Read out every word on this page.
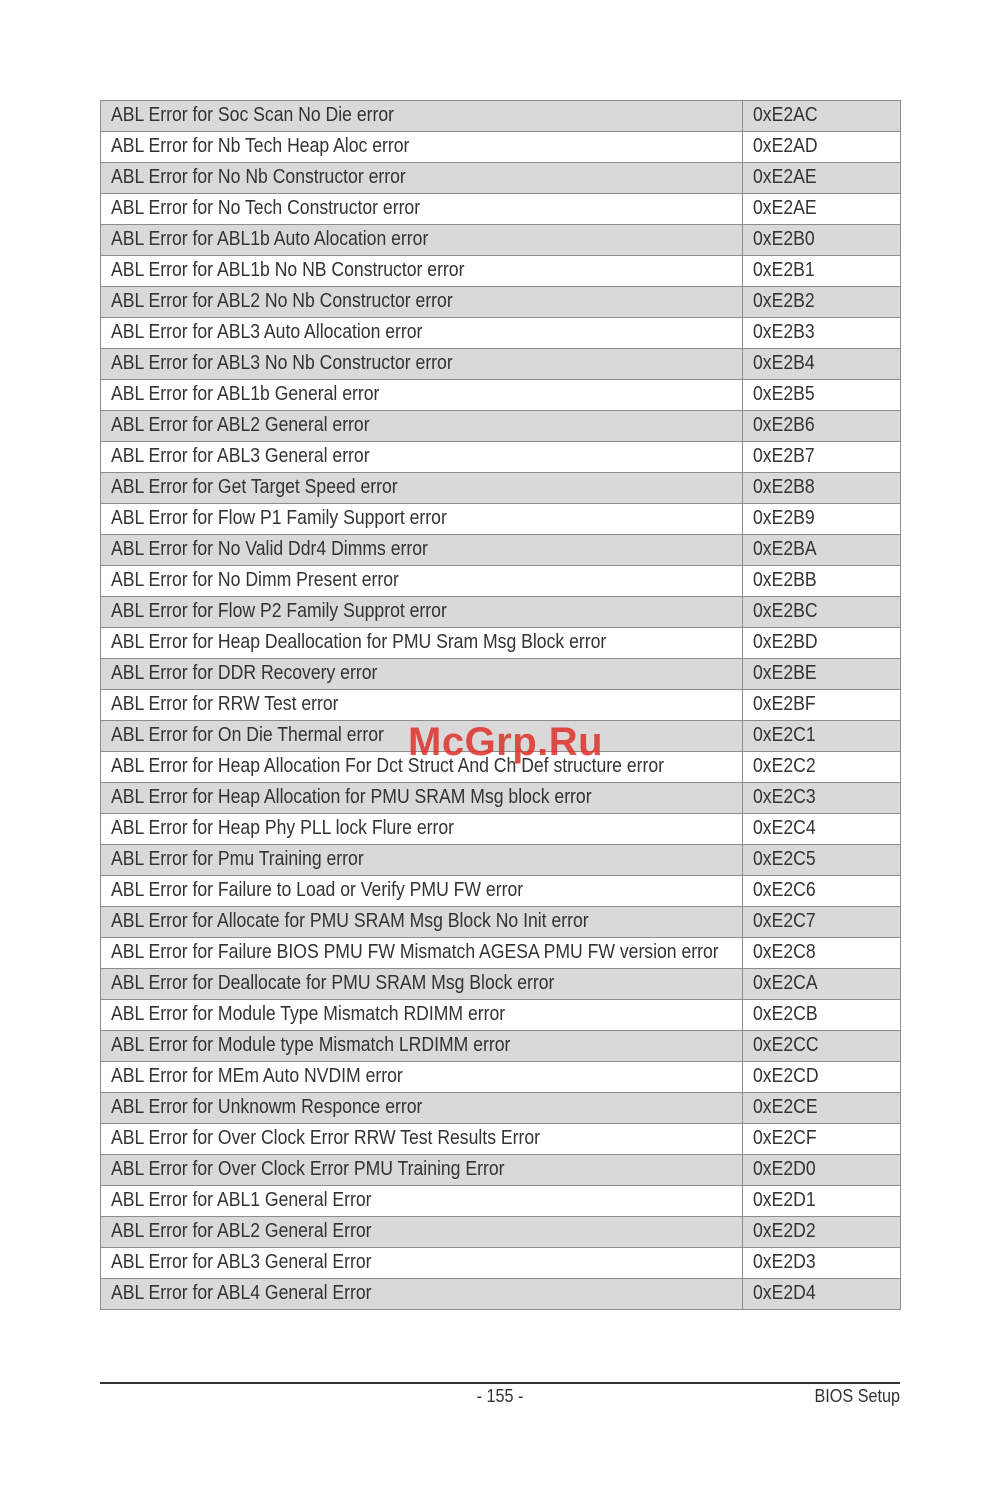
ABL Error for Soc Scan No Die error	0xE2AC
ABL Error for Nb Tech Heap Aloc error	0xE2AD
ABL Error for No Nb Constructor error	0xE2AE
ABL Error for No Tech Constructor error	0xE2AE
ABL Error for ABL1b Auto Alocation error	0xE2B0
ABL Error for ABL1b No NB Constructor error	0xE2B1
ABL Error for ABL2 No Nb Constructor error	0xE2B2
ABL Error for ABL3 Auto Allocation error	0xE2B3
ABL Error for ABL3 No Nb Constructor error	0xE2B4
ABL Error for ABL1b General error	0xE2B5
ABL Error for ABL2 General error	0xE2B6
ABL Error for ABL3 General error	0xE2B7
ABL Error for Get Target Speed error	0xE2B8
ABL Error for Flow P1 Family Support error	0xE2B9
ABL Error for No Valid Ddr4 Dimms error	0xE2BA
ABL Error for No Dimm Present error	0xE2BB
ABL Error for Flow P2 Family Supprot error	0xE2BC
ABL Error for Heap Deallocation for PMU Sram Msg Block error	0xE2BD
ABL Error for DDR Recovery error	0xE2BE
ABL Error for RRW Test error	0xE2BF
ABL Error for On Die Thermal error	0xE2C1
ABL Error for Heap Allocation For Dct Struct And Ch Def structure error	0xE2C2
ABL Error for Heap Allocation for PMU SRAM Msg block error	0xE2C3
ABL Error for Heap Phy PLL lock Flure error	0xE2C4
ABL Error for Pmu Training error	0xE2C5
ABL Error for Failure to Load or Verify PMU FW error	0xE2C6
ABL Error for Allocate for PMU SRAM Msg Block No Init error	0xE2C7
ABL Error for Failure BIOS PMU FW Mismatch AGESA PMU FW version error	0xE2C8
ABL Error for Deallocate for PMU SRAM Msg Block error	0xE2CA
ABL Error for Module Type Mismatch RDIMM error	0xE2CB
ABL Error for Module type Mismatch LRDIMM error	0xE2CC
ABL Error for MEm Auto NVDIM error	0xE2CD
ABL Error for Unknowm Responce error	0xE2CE
ABL Error for Over Clock Error RRW Test Results Error	0xE2CF
ABL Error for Over Clock Error PMU Training Error	0xE2D0
ABL Error for ABL1 General Error	0xE2D1
ABL Error for ABL2 General Error	0xE2D2
ABL Error for ABL3 General Error	0xE2D3
ABL Error for ABL4 General Error	0xE2D4
McGrp.Ru
- 155 -	BIOS Setup
